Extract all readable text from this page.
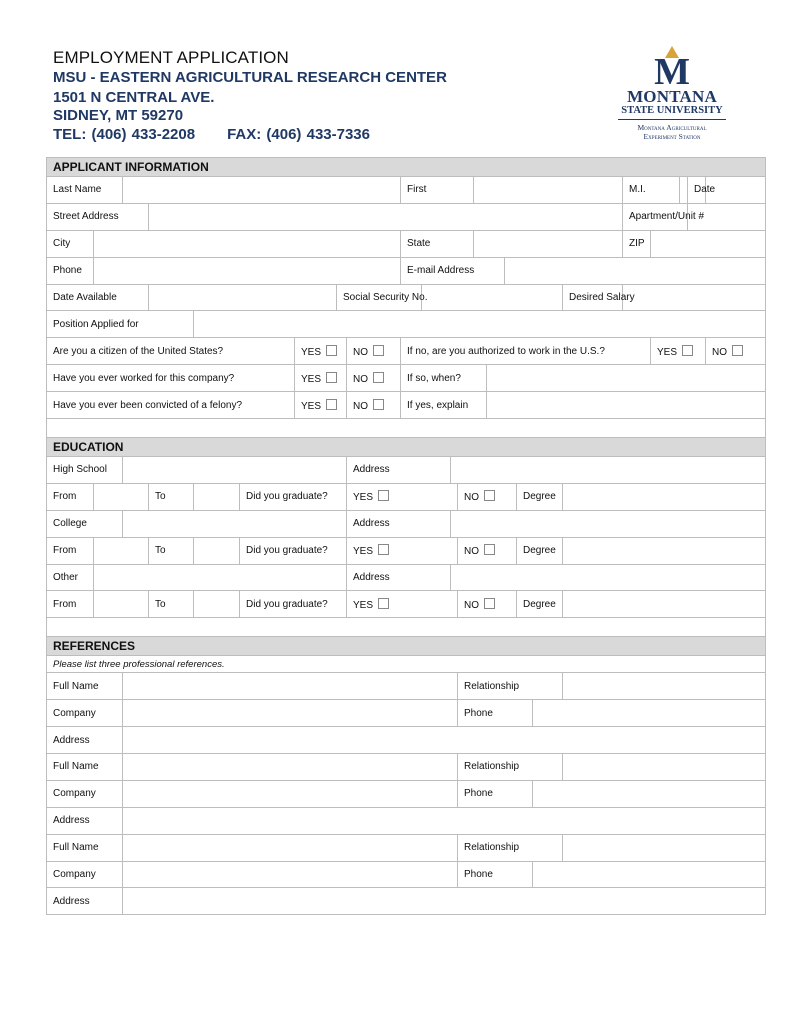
EMPLOYMENT APPLICATION
MSU - EASTERN AGRICULTURAL RESEARCH CENTER
1501 N CENTRAL AVE.
SIDNEY, MT 59270
TEL: (406) 433-2208 FAX: (406) 433-7336
M
MONTANA
STATE UNIVERSITY
Montana Agricultural
Experiment Station
APPLICANT INFORMATION																							
Last Name									First										M.I.			Date	
Street Address																			Apartment/Unit #				
City									State										ZIP				
Phone									E-mail Address														
Date Available							Social Security No.											Desired Salary					
Position Applied for																							
Are you a citizen of the United States?						YES		NO	If no, are you authorized to work in the U.S.?											YES			NO
Have you ever worked for this company?						YES		NO	If so, when?														
Have you ever been convicted of a felony?						YES		NO	If yes, explain														

EDUCATION																							
High School								Address															
From			To		Did you graduate?			YES				NO				Degree							
College								Address															
From			To		Did you graduate?			YES				NO				Degree							
Other								Address															
From			To		Did you graduate?			YES				NO				Degree							

REFERENCES																							
Please list three professional references.																							
Full Name												Relationship											
Company												Phone											
Address																							
Full Name												Relationship											
Company												Phone											
Address																							
Full Name												Relationship											
Company												Phone											
Address																							
